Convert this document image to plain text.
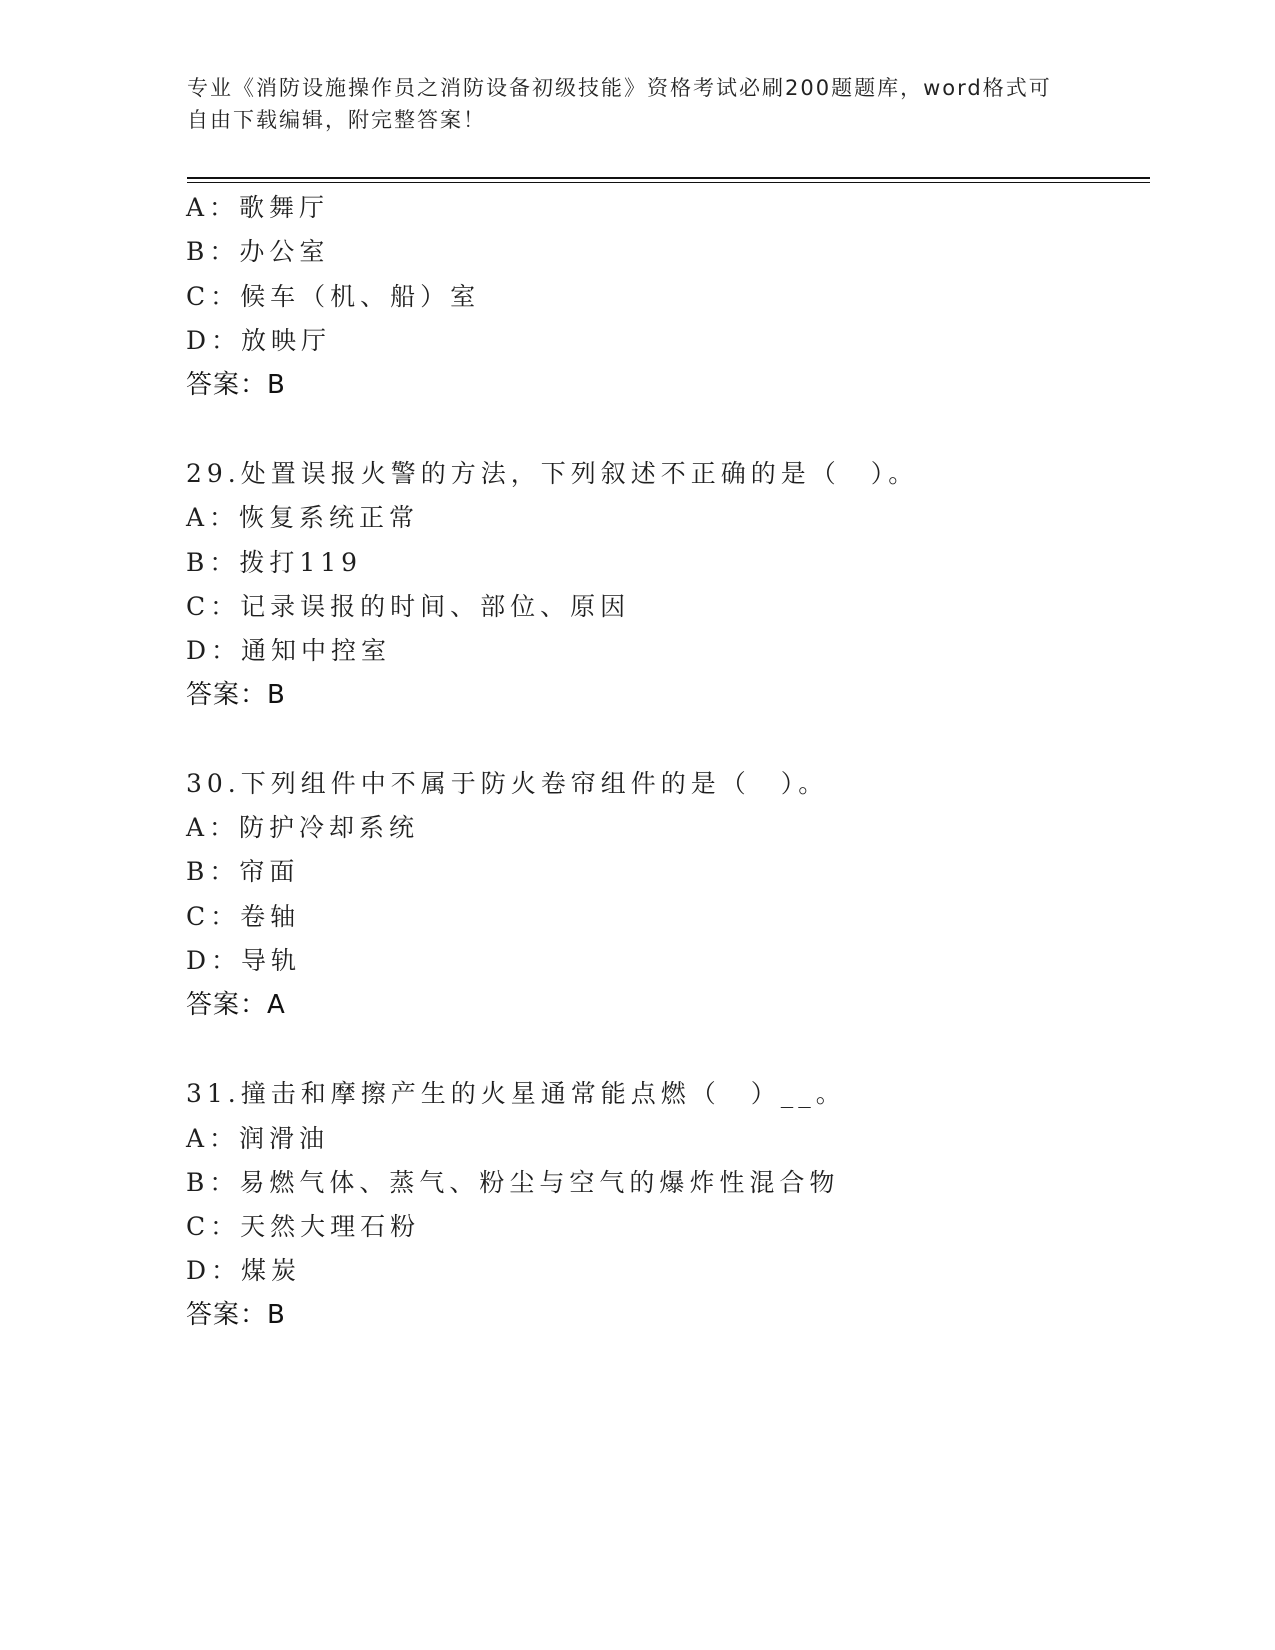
专业《消防设施操作员之消防设备初级技能》资格考试必刷200题题库，word格式可自由下载编辑，附完整答案！
A：歌舞厅
B：办公室
C：候车（机、船）室
D：放映厅
答案：B
29.处置误报火警的方法，下列叙述不正确的是（　）。
A：恢复系统正常
B：拨打119
C：记录误报的时间、部位、原因
D：通知中控室
答案：B
30.下列组件中不属于防火卷帘组件的是（　）。
A：防护冷却系统
B：帘面
C：卷轴
D：导轨
答案：A
31.撞击和摩擦产生的火星通常能点燃（　）__。
A：润滑油
B：易燃气体、蒸气、粉尘与空气的爆炸性混合物
C：天然大理石粉
D：煤炭
答案：B
